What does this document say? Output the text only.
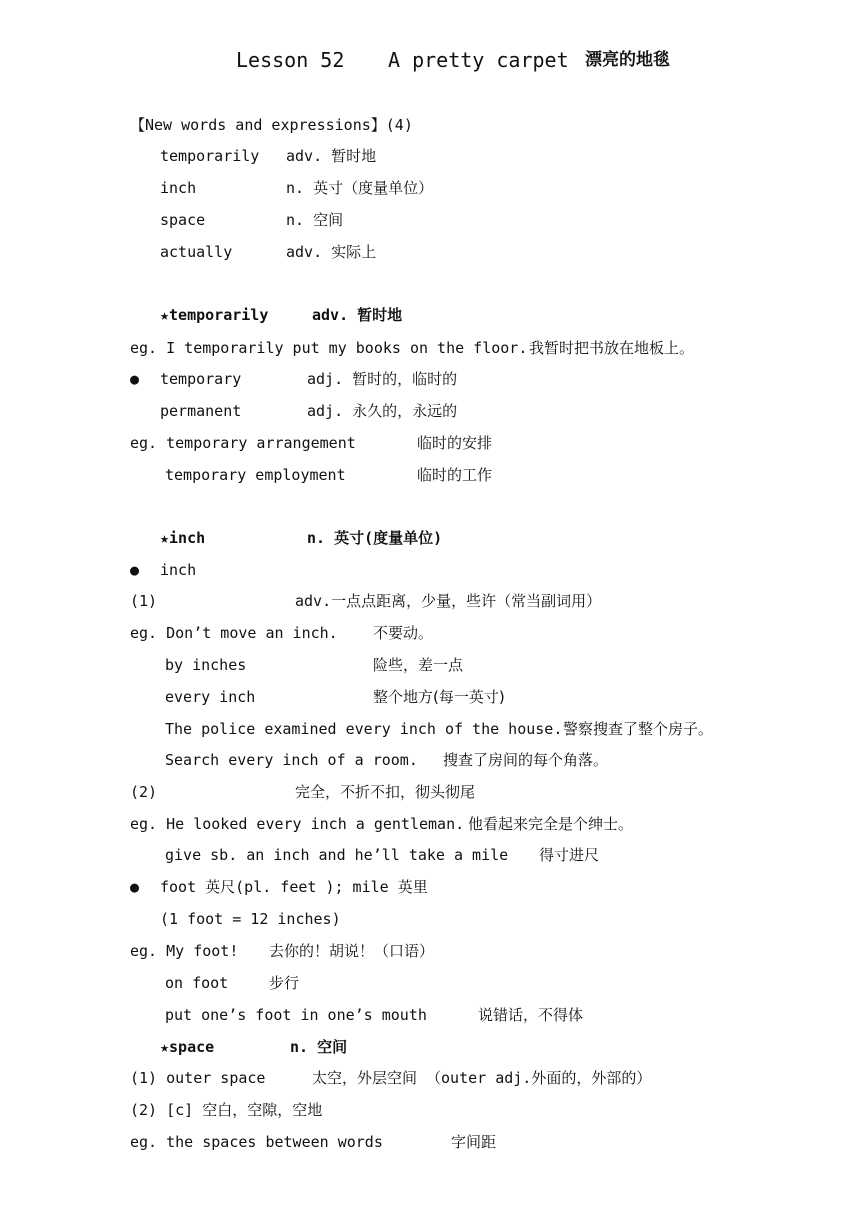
Lesson 52 A pretty carpet 漂亮的地毯
【New words and expressions】(4)
temporarily adv. 暂时地
inch	n. 英寸（度量单位）
space	n. 空间
actually	adv. 实际上
★temporarily	adv. 暂时地
eg. I temporarily put my books on the floor. 我暂时把书放在地板上。
● temporary	adj. 暂时的，临时的
permanent	adj. 永久的，永远的
eg. temporary arrangement	临时的安排
temporary employment	临时的工作
★inch	n. 英寸(度量单位)
● inch
(1)	adv.一点点距离，少量，些许（常当副词用）
eg. Don’t move an inch. 不要动。
by inches	险些，差一点
every inch	整个地方(每一英寸)
The police examined every inch of the house. 警察搜查了整个房子。
Search every inch of a room. 搜查了房间的每个角落。
(2)	完全，不折不扣，彻头彻尾
eg. He looked every inch a gentleman. 他看起来完全是个绅士。
give sb. an inch and he’ll take a mile 得寸进尺
● foot 英尺(pl. feet ); mile 英里
(1 foot = 12 inches)
eg. My foot! 去你的！胡说！（口语）
on foot	步行
put one’s foot in one’s mouth	说错话，不得体
★space	n. 空间
(1) outer space	太空，外层空间 （outer adj.外面的，外部的）
(2) [c] 空白，空隙，空地
eg. the spaces between words	字间距
